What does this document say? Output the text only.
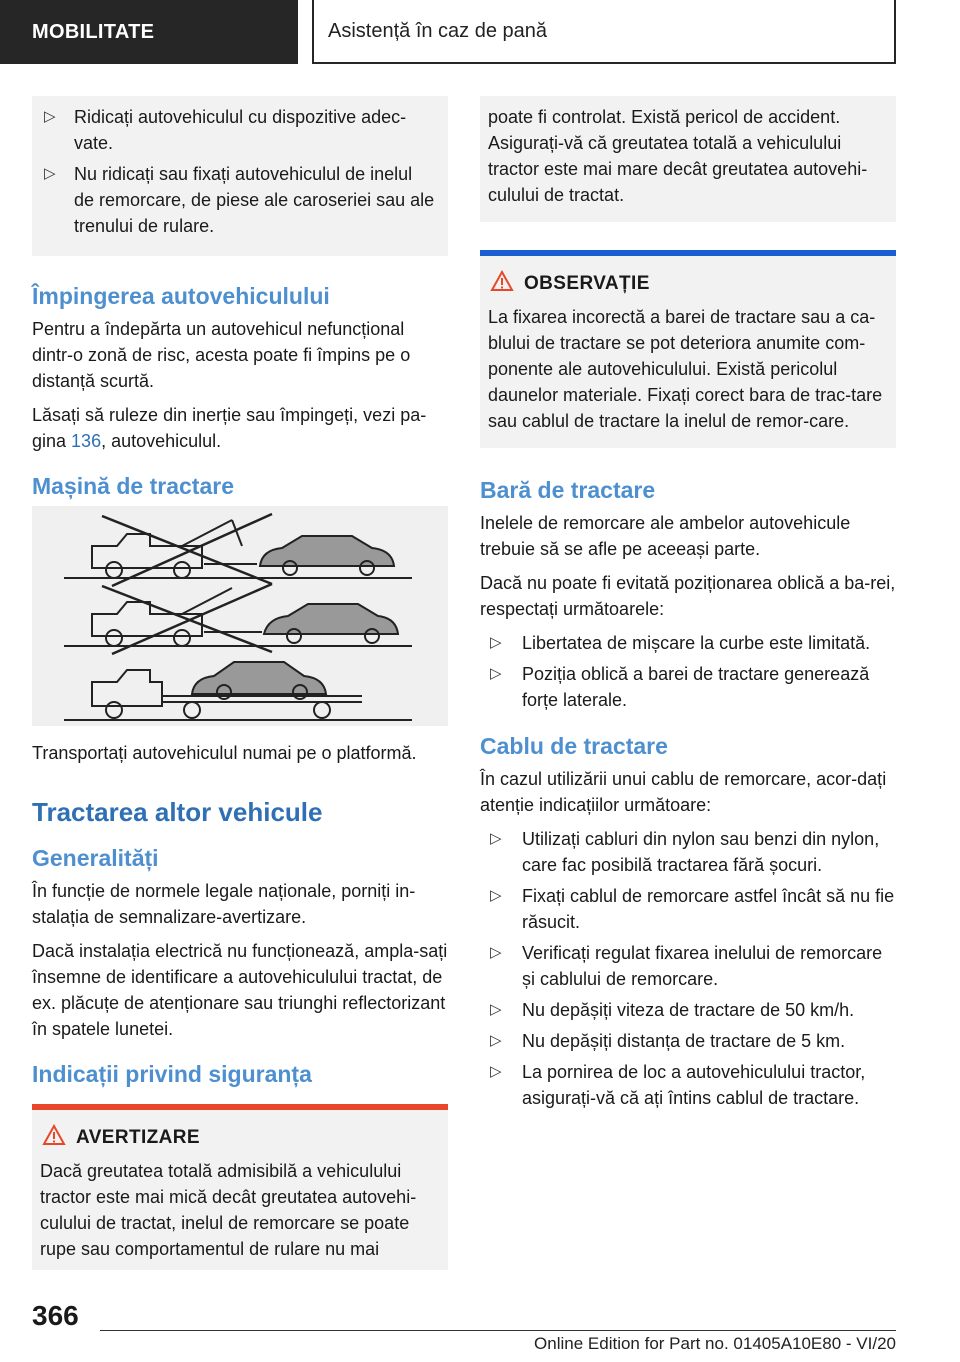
MOBILITATE	Asistență în caz de pană
▷ Ridicați autovehiculul cu dispozitive adec-vate.
▷ Nu ridicați sau fixați autovehiculul de inelul de remorcare, de piese ale caroseriei sau ale trenului de rulare.
Împingerea autovehiculului

Pentru a îndepărta un autovehicul nefuncțional dintr-o zonă de risc, acesta poate fi împins pe o distanță scurtă.

Lăsați să ruleze din inerție sau împingeți, vezi pa-gina 136, autovehiculul.

Mașină de tractare

Transportați autovehiculul numai pe o platformă.

Tractarea altor vehicule
Generalități

În funcție de normele legale naționale, porniți in-stalația de semnalizare-avertizare.

Dacă instalația electrică nu funcționează, ampla-sați însemne de identificare a autovehiculului tractat, de ex. plăcuțe de atenționare sau triunghi reflectorizant în spatele lunetei.

Indicații privind siguranța
AVERTIZARE

Dacă greutatea totală admisibilă a vehiculului tractor este mai mică decât greutatea autovehi-culului de tractat, inelul de remorcare se poate rupe sau comportamentul de rulare nu mai

poate fi controlat. Există pericol de accident. Asigurați-vă că greutatea totală a vehiculului tractor este mai mare decât greutatea autovehi-culului de tractat.

OBSERVAȚIE

La fixarea incorectă a barei de tractare sau a ca-blului de tractare se pot deteriora anumite com-ponente ale autovehiculului. Există pericolul daunelor materiale. Fixați corect bara de trac-tare sau cablul de tractare la inelul de remor-care.

Bară de tractare

Inelele de remorcare ale ambelor autovehicule trebuie să se afle pe aceeași parte.

Dacă nu poate fi evitată poziționarea oblică a ba-rei, respectați următoarele:

▷ Libertatea de mișcare la curbe este limitată.
▷ Poziția oblică a barei de tractare generează forțe laterale.
Cablu de tractare

În cazul utilizării unui cablu de remorcare, acor-dați atenție indicațiilor următoare:

▷ Utilizați cabluri din nylon sau benzi din nylon, care fac posibilă tractarea fără șocuri.
▷ Fixați cablul de remorcare astfel încât să nu fie răsucit.
▷ Verificați regulat fixarea inelului de remorcare și cablului de remorcare.
▷ Nu depășiți viteza de tractare de 50 km/h.
▷ Nu depășiți distanța de tractare de 5 km.
▷ La pornirea de loc a autovehiculului tractor, asigurați-vă că ați întins cablul de tractare.
366
Online Edition for Part no. 01405A10E80 - VI/20
